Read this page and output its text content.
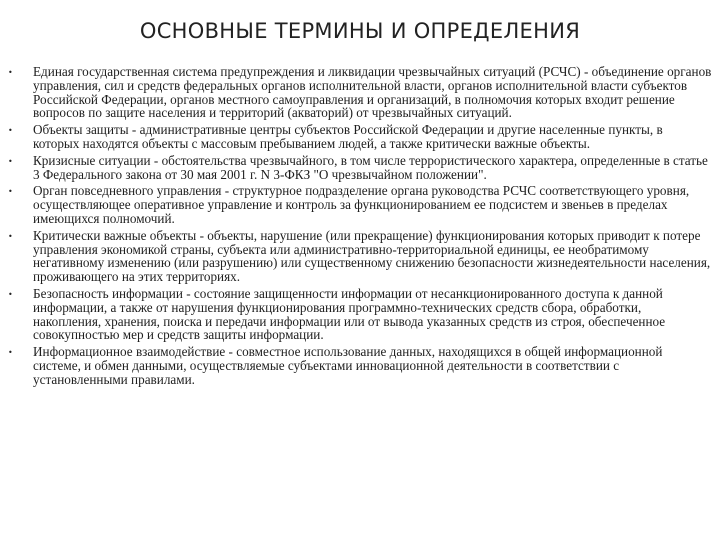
ОСНОВНЫЕ ТЕРМИНЫ И ОПРЕДЕЛЕНИЯ
• Единая государственная система предупреждения и ликвидации чрезвычайных ситуаций (РСЧС) - объединение органов управления, сил и средств федеральных органов исполнительной власти, органов исполнительной власти субъектов Российской Федерации, органов местного самоуправления и организаций, в полномочия которых входит решение вопросов по защите населения и территорий (акваторий) от чрезвычайных ситуаций.
• Объекты защиты - административные центры субъектов Российской Федерации и другие населенные пункты, в которых находятся объекты с массовым пребыванием людей, а также критически важные объекты.
• Кризисные ситуации - обстоятельства чрезвычайного, в том числе террористического характера, определенные в статье 3 Федерального закона от 30 мая 2001 г. N 3-ФКЗ "О чрезвычайном положении".
• Орган повседневного управления - структурное подразделение органа руководства РСЧС соответствующего уровня, осуществляющее оперативное управление и контроль за функционированием ее подсистем и звеньев в пределах имеющихся полномочий.
• Критически важные объекты - объекты, нарушение (или прекращение) функционирования которых приводит к потере управления экономикой страны, субъекта или административно-территориальной единицы, ее необратимому негативному изменению (или разрушению) или существенному снижению безопасности жизнедеятельности населения, проживающего на этих территориях.
• Безопасность информации - состояние защищенности информации от несанкционированного доступа к данной информации, а также от нарушения функционирования программно-технических средств сбора, обработки, накопления, хранения, поиска и передачи информации или от вывода указанных средств из строя, обеспеченное совокупностью мер и средств защиты информации.
• Информационное взаимодействие - совместное использование данных, находящихся в общей информационной системе, и обмен данными, осуществляемые субъектами инновационной деятельности в соответствии с установленными правилами.
